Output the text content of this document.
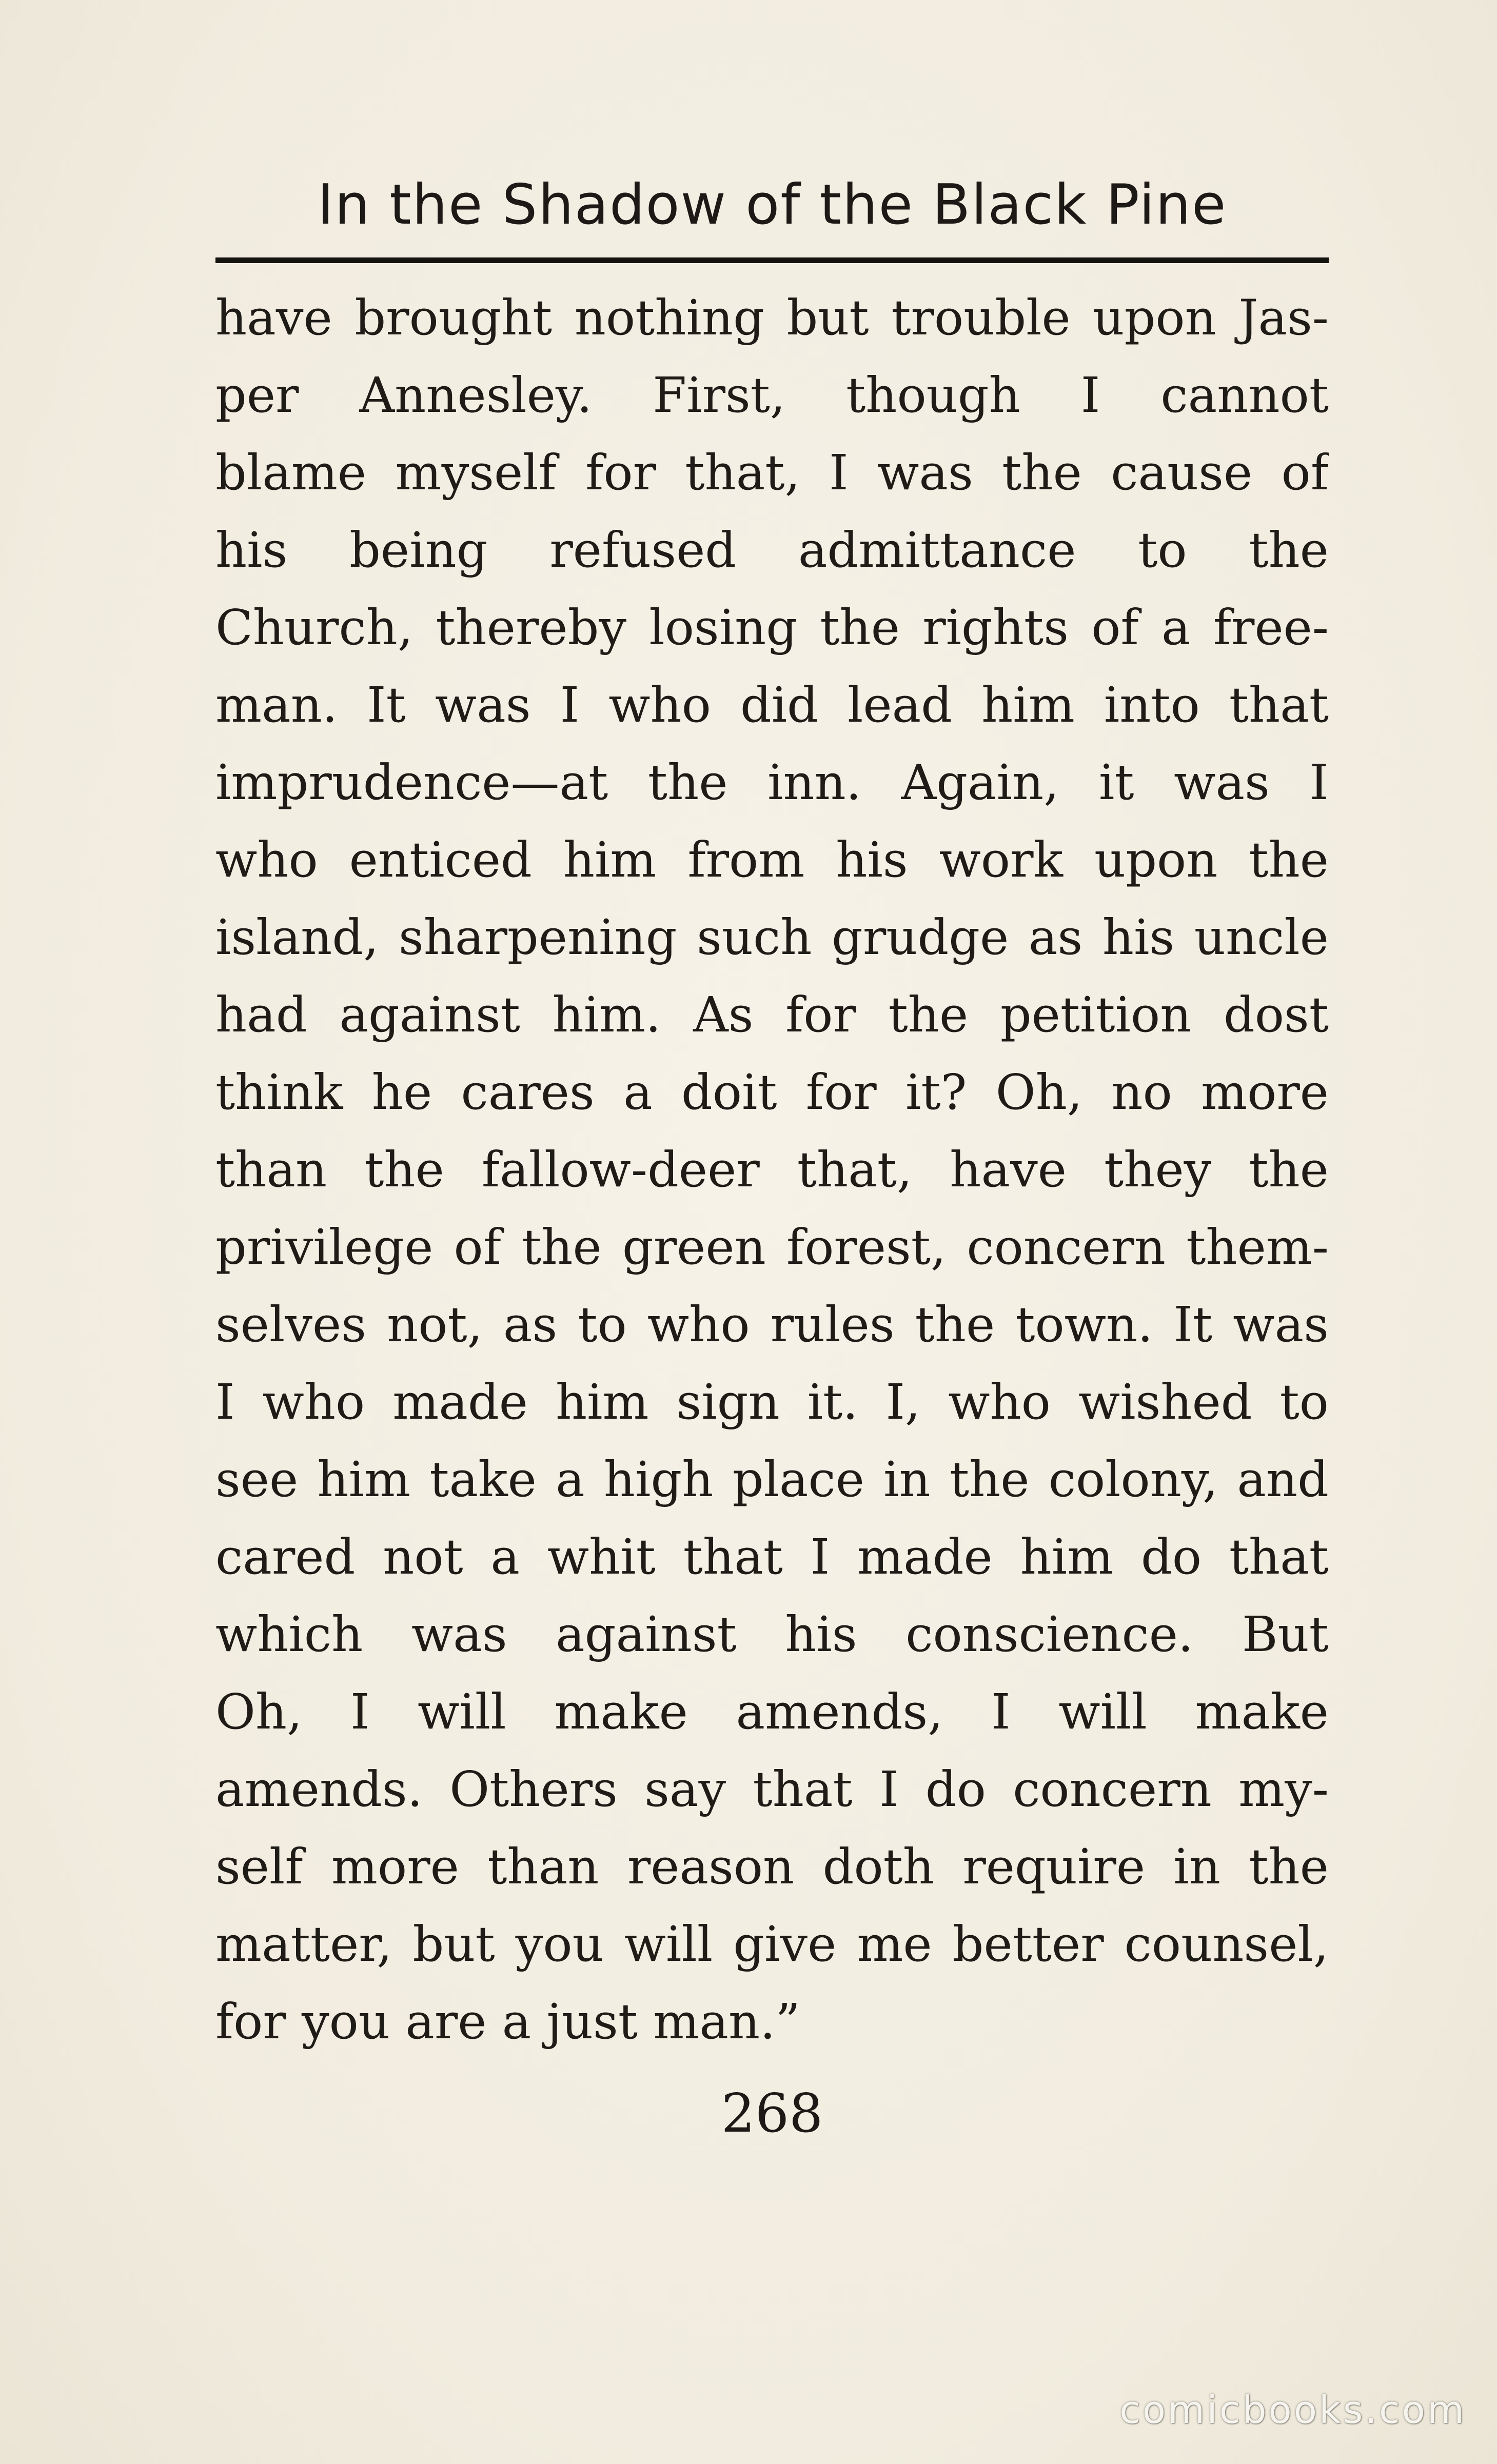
In the Shadow of the Black Pine
have brought nothing but trouble upon Jas-
per Annesley. First, though I cannot
blame myself for that, I was the cause of
his being refused admittance to the
Church, thereby losing the rights of a free-
man. It was I who did lead him into that
imprudence—at the inn. Again, it was I
who enticed him from his work upon the
island, sharpening such grudge as his uncle
had against him. As for the petition dost
think he cares a doit for it? Oh, no more
than the fallow-deer that, have they the
privilege of the green forest, concern them-
selves not, as to who rules the town. It was
I who made him sign it. I, who wished to
see him take a high place in the colony, and
cared not a whit that I made him do that
which was against his conscience. But
Oh, I will make amends, I will make
amends. Others say that I do concern my-
self more than reason doth require in the
matter, but you will give me better counsel,
for you are a just man.”
268
comicbooks.com
